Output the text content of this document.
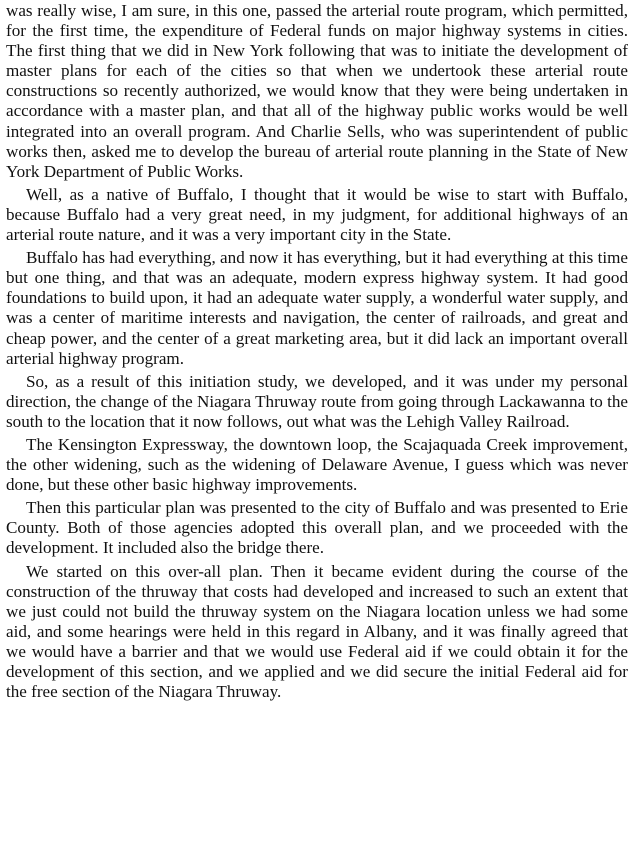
was really wise, I am sure, in this one, passed the arterial route program, which permitted, for the first time, the expenditure of Federal funds on major highway systems in cities. The first thing that we did in New York following that was to initiate the development of master plans for each of the cities so that when we undertook these arterial route constructions so recently authorized, we would know that they were being undertaken in accordance with a master plan, and that all of the highway public works would be well integrated into an overall program. And Charlie Sells, who was superintendent of public works then, asked me to develop the bureau of arterial route planning in the State of New York Department of Public Works.

Well, as a native of Buffalo, I thought that it would be wise to start with Buffalo, because Buffalo had a very great need, in my judgment, for additional highways of an arterial route nature, and it was a very important city in the State.

Buffalo has had everything, and now it has everything, but it had everything at this time but one thing, and that was an adequate, modern express highway system. It had good foundations to build upon, it had an adequate water supply, a wonderful water supply, and was a center of maritime interests and navigation, the center of railroads, and great and cheap power, and the center of a great marketing area, but it did lack an important overall arterial highway program.

So, as a result of this initiation study, we developed, and it was under my personal direction, the change of the Niagara Thruway route from going through Lackawanna to the south to the location that it now follows, out what was the Lehigh Valley Railroad.

The Kensington Expressway, the downtown loop, the Scajaquada Creek improvement, the other widening, such as the widening of Delaware Avenue, I guess which was never done, but these other basic highway improvements.

Then this particular plan was presented to the city of Buffalo and was presented to Erie County. Both of those agencies adopted this overall plan, and we proceeded with the development. It included also the bridge there.

We started on this over-all plan. Then it became evident during the course of the construction of the thruway that costs had developed and increased to such an extent that we just could not build the thruway system on the Niagara location unless we had some aid, and some hearings were held in this regard in Albany, and it was finally agreed that we would have a barrier and that we would use Federal aid if we could obtain it for the development of this section, and we applied and we did secure the initial Federal aid for the free section of the Niagara Thruway.
